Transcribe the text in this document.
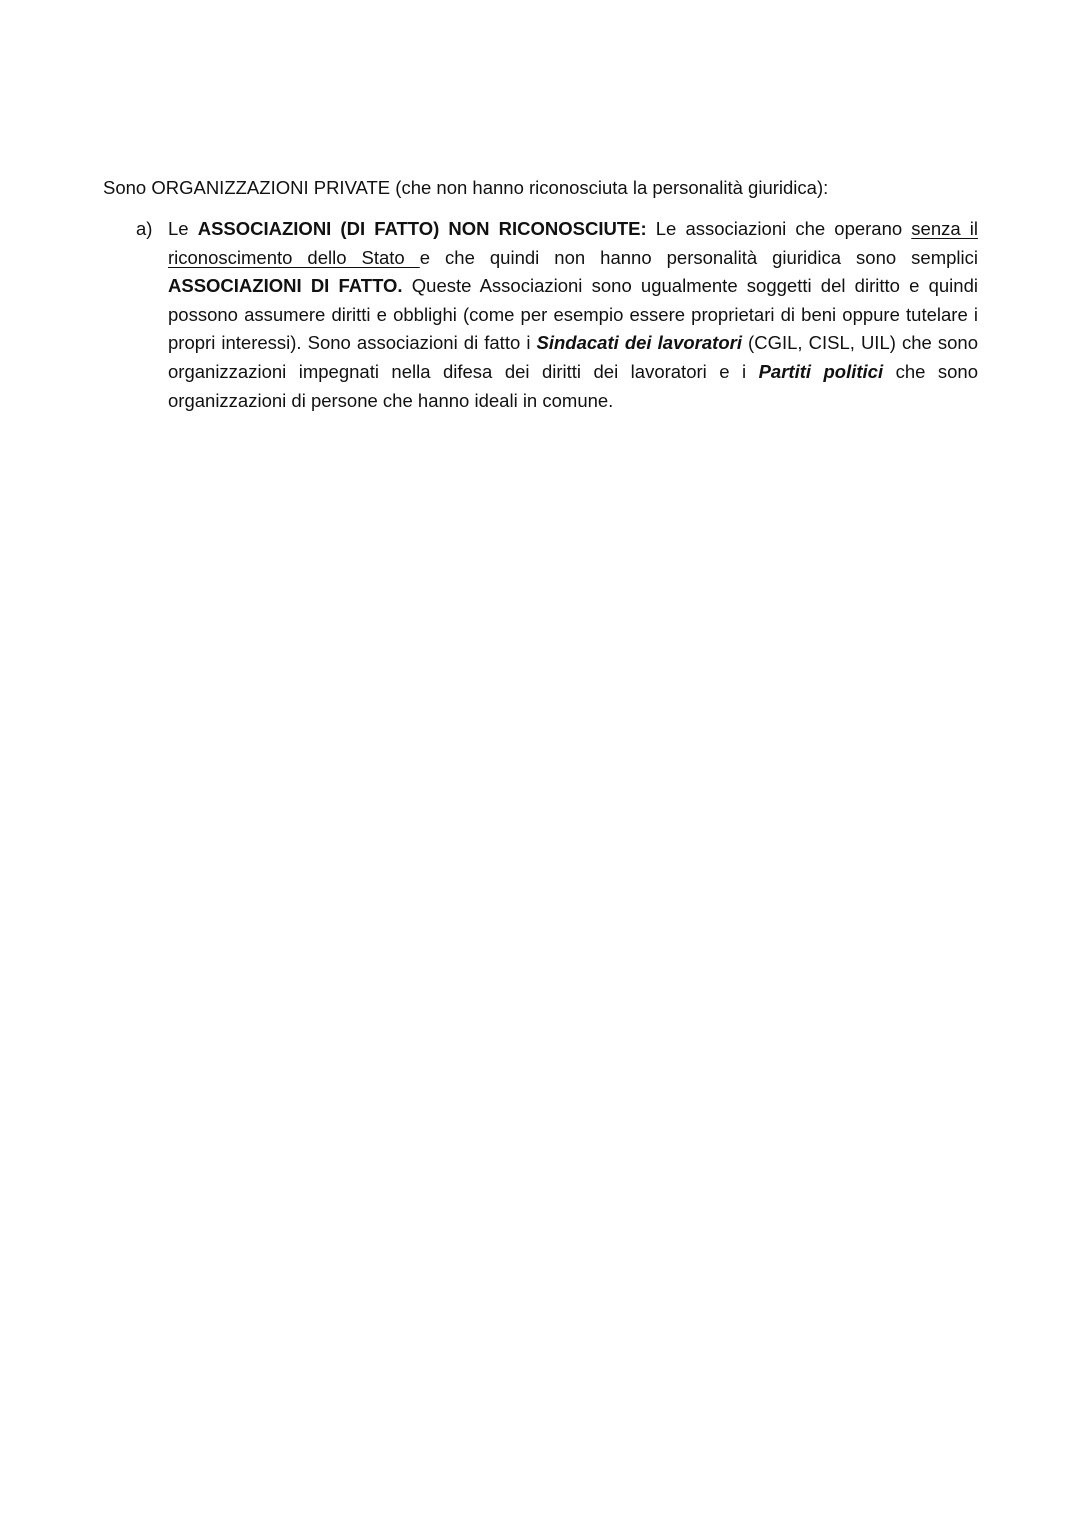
Sono ORGANIZZAZIONI PRIVATE (che non hanno riconosciuta la personalità giuridica):

a) Le ASSOCIAZIONI (DI FATTO) NON RICONOSCIUTE: Le associazioni che operano senza il riconoscimento dello Stato e che quindi non hanno personalità giuridica sono semplici ASSOCIAZIONI DI FATTO. Queste Associazioni sono ugualmente soggetti del diritto e quindi possono assumere diritti e obblighi (come per esempio essere proprietari di beni oppure tutelare i propri interessi). Sono associazioni di fatto i Sindacati dei lavoratori (CGIL, CISL, UIL) che sono organizzazioni impegnati nella difesa dei diritti dei lavoratori e i Partiti politici che sono organizzazioni di persone che hanno ideali in comune.
